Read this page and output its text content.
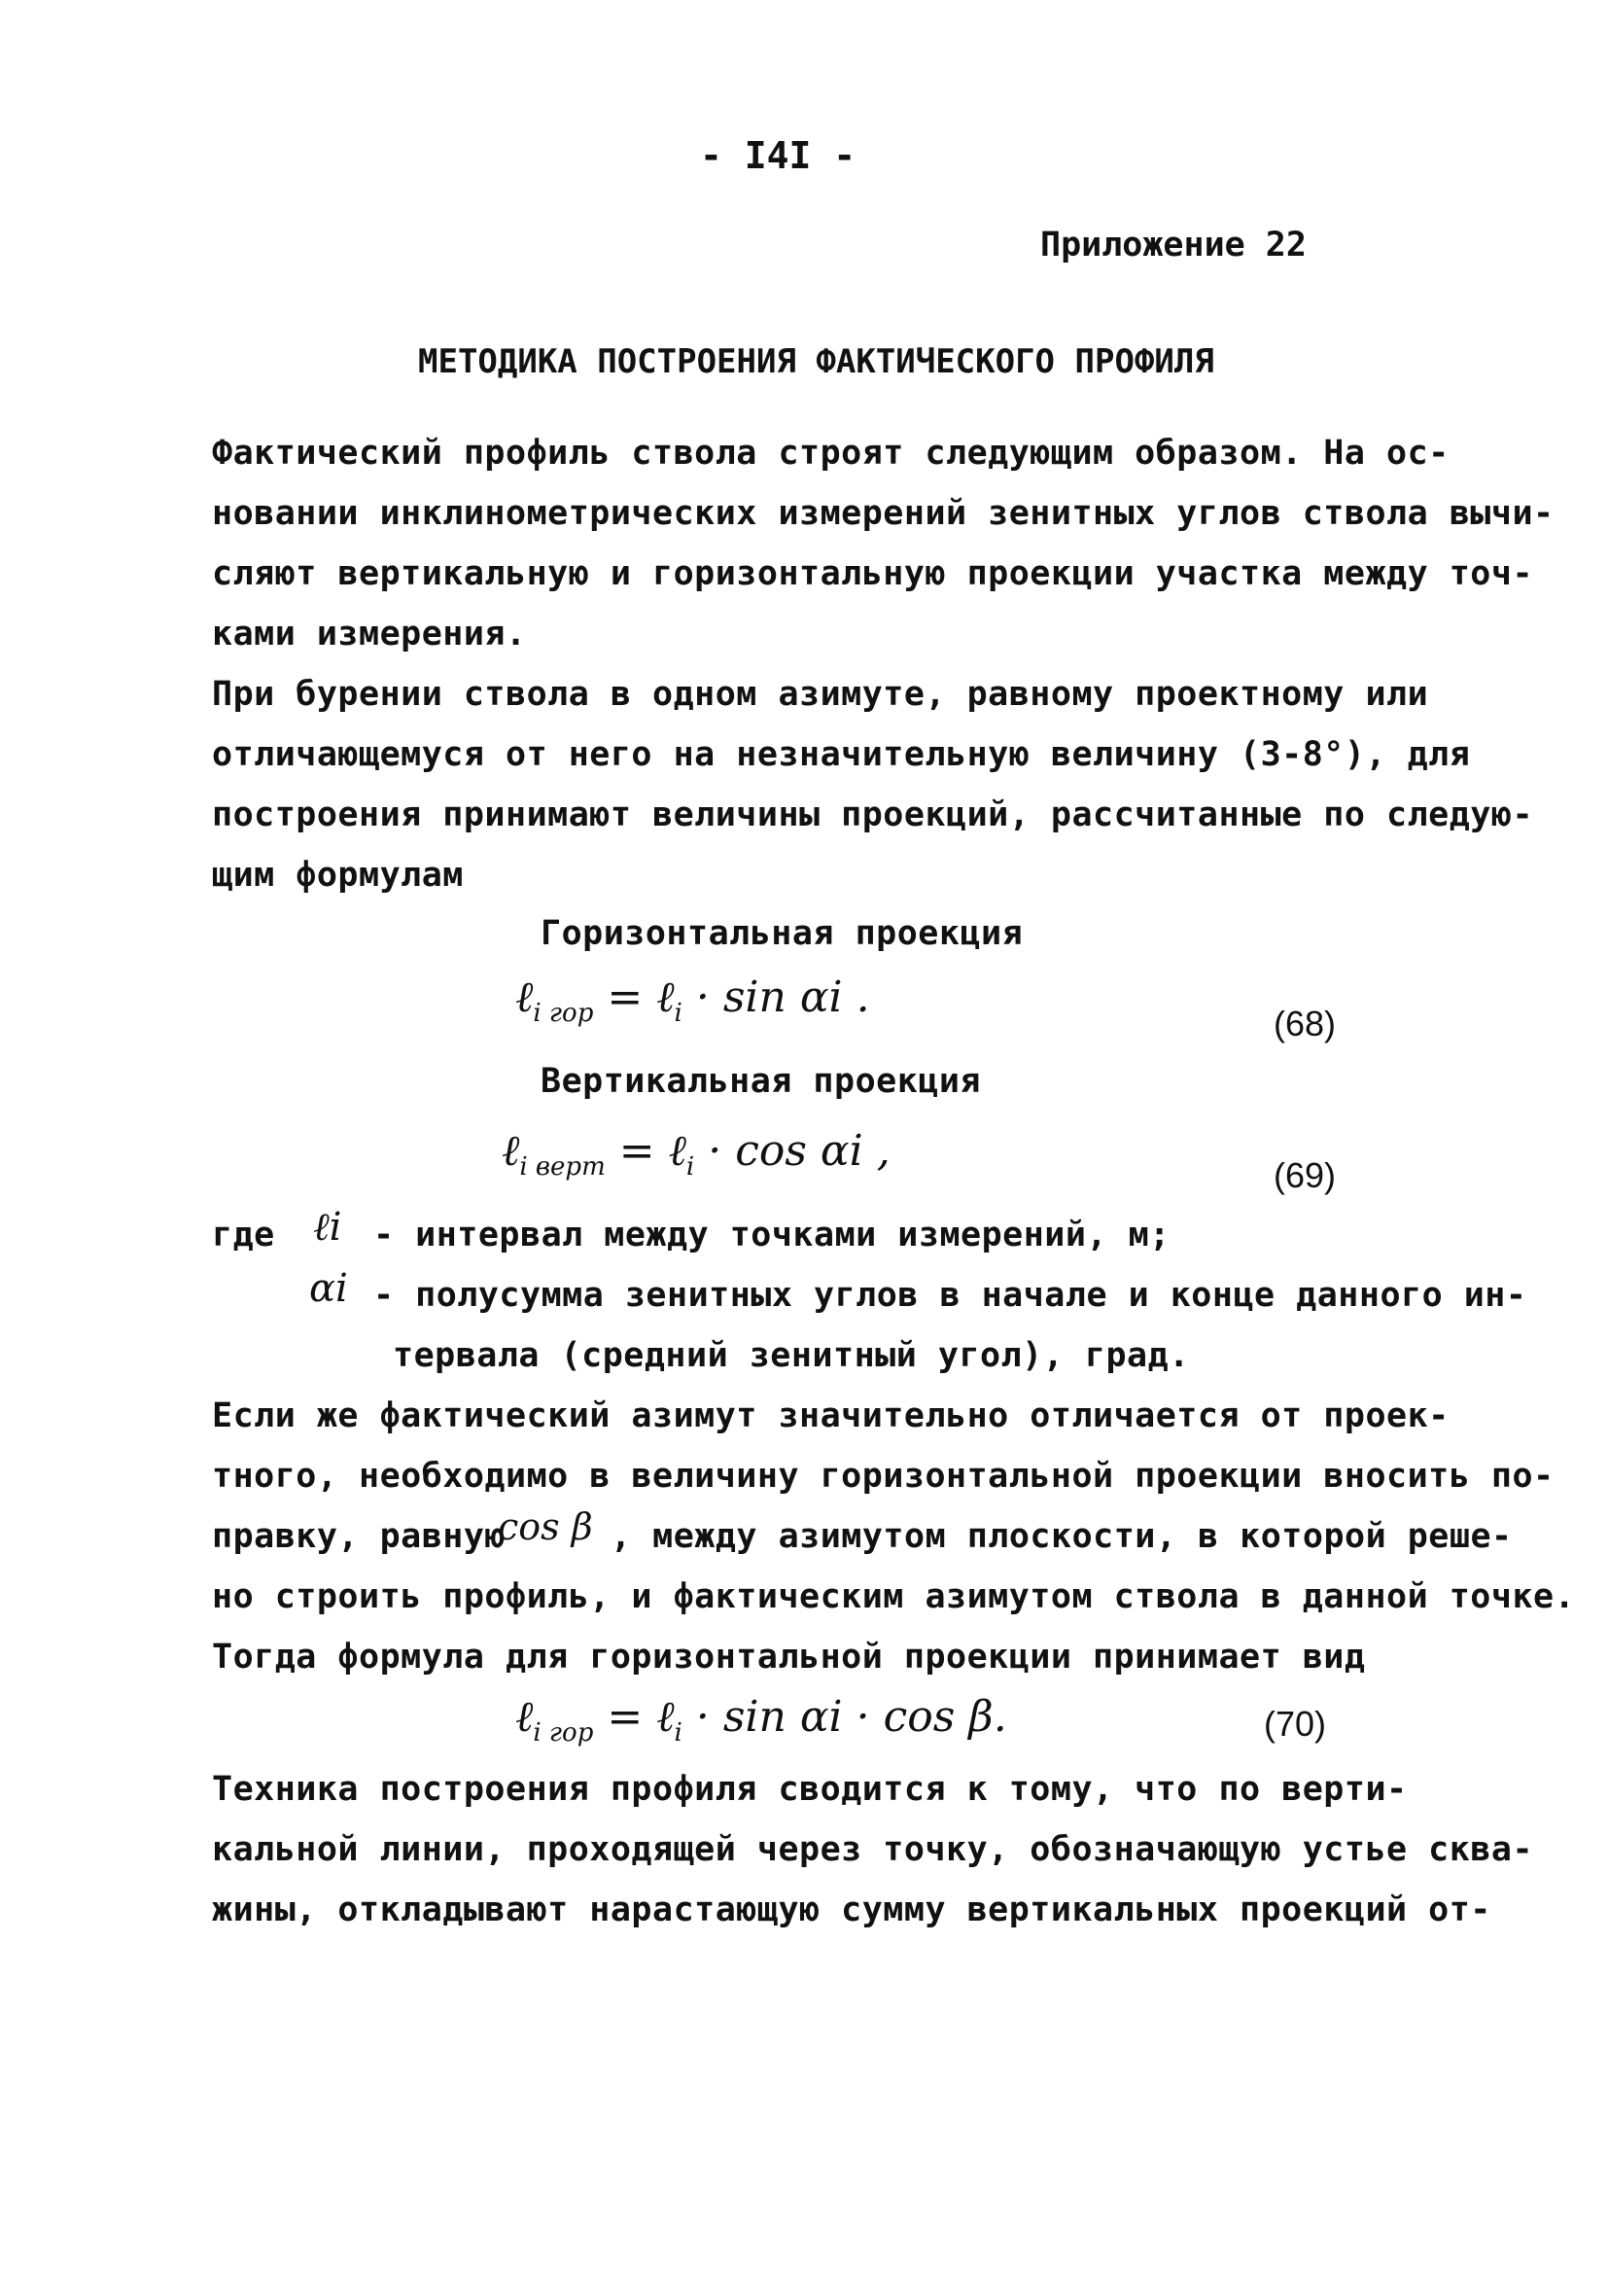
- I4I -
Приложение 22
МЕТОДИКА ПОСТРОЕНИЯ ФАКТИЧЕСКОГО ПРОФИЛЯ
Фактический профиль ствола строят следующим образом. На ос-
новании инклинометрических измерений зенитных углов ствола вычи-
сляют вертикальную и горизонтальную проекции участка между точ-
ками измерения.
При бурении ствола в одном азимуте, равному проектному или
отличающемуся от него на незначительную величину (3-8°), для
построения принимают величины проекций, рассчитанные по следую-
щим формулам
Горизонтальная проекция
ℓ$_{i гор}$ = ℓ$_i$ · sin αi .
(68)
Вертикальная проекция
ℓ$_{i верт}$ = ℓ$_i$ · cos αi ,	(69)
где ℓi - интервал между точками измерений, м;
αi - полусумма зенитных углов в начале и конце данного ин-
тервала (средний зенитный угол), град.
Если же фактический азимут значительно отличается от проек-
тного, необходимо в величину горизонтальной проекции вносить по-
правку, равную
cos β , между азимутом плоскости, в которой реше-
но строить профиль, и фактическим азимутом ствола в данной точке.
Тогда формула для горизонтальной проекции принимает вид
ℓ$_{i гор}$ = ℓ$_i$ · sin αi · cos β.	(70)
Техника построения профиля сводится к тому, что по верти-
кальной линии, проходящей через точку, обозначающую устье сква-
жины, откладывают нарастающую сумму вертикальных проекций от-
